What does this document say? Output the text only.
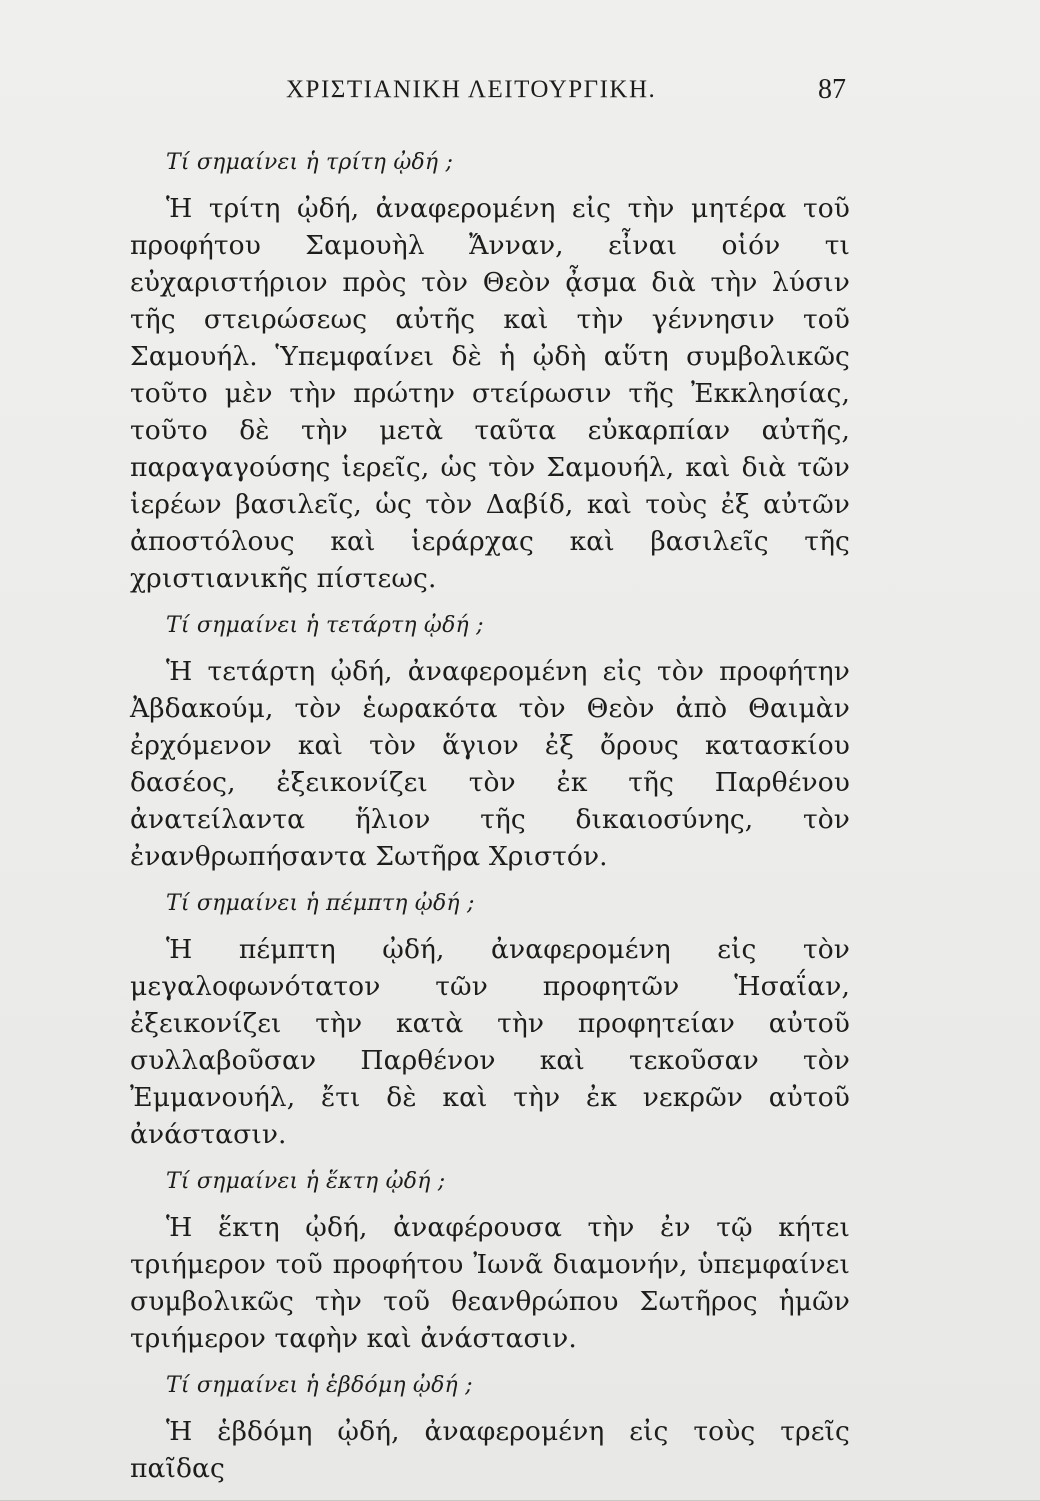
ΧΡΙΣΤΙΑΝΙΚΗ ΛΕΙΤΟΥΡΓΙΚΗ.	87

Τί σημαίνει ἡ τρίτη ᾠδή ;

Ἡ τρίτη ᾠδή, ἀναφερομένη εἰς τὴν μητέρα τοῦ προφήτου Σαμουὴλ Ἄνναν, εἶναι οἱόν τι εὐχαριστήριον πρὸς τὸν Θεὸν ᾆσμα διὰ τὴν λύσιν τῆς στειρώσεως αὐτῆς καὶ τὴν γέννησιν τοῦ Σαμουήλ. Ὑπεμφαίνει δὲ ἡ ᾠδὴ αὕτη συμβολικῶς τοῦτο μὲν τὴν πρώτην στείρωσιν τῆς Ἐκκλησίας, τοῦτο δὲ τὴν μετὰ ταῦτα εὐκαρπίαν αὐτῆς, παραγαγούσης ἱερεῖς, ὡς τὸν Σαμουήλ, καὶ διὰ τῶν ἱερέων βασιλεῖς, ὡς τὸν Δαβίδ, καὶ τοὺς ἐξ αὐτῶν ἀποστόλους καὶ ἱεράρχας καὶ βασιλεῖς τῆς χριστιανικῆς πίστεως.

Τί σημαίνει ἡ τετάρτη ᾠδή ;

Ἡ τετάρτη ᾠδή, ἀναφερομένη εἰς τὸν προφήτην Ἀβδακούμ, τὸν ἑωρακότα τὸν Θεὸν ἀπὸ Θαιμὰν ἐρχόμενον καὶ τὸν ἅγιον ἐξ ὄρους κατασκίου δασέος, ἐξεικονίζει τὸν ἐκ τῆς Παρθένου ἀνατείλαντα ἥλιον τῆς δικαιοσύνης, τὸν ἐνανθρωπήσαντα Σωτῆρα Χριστόν.

Τί σημαίνει ἡ πέμπτη ᾠδή ;

Ἡ πέμπτη ᾠδή, ἀναφερομένη εἰς τὸν μεγαλοφωνότατον τῶν προφητῶν Ἡσαΐαν, ἐξεικονίζει τὴν κατὰ τὴν προφητείαν αὐτοῦ συλλαβοῦσαν Παρθένον καὶ τεκοῦσαν τὸν Ἐμμανουήλ, ἔτι δὲ καὶ τὴν ἐκ νεκρῶν αὐτοῦ ἀνάστασιν.

Τί σημαίνει ἡ ἕκτη ᾠδή ;

Ἡ ἕκτη ᾠδή, ἀναφέρουσα τὴν ἐν τῷ κήτει τριήμερον τοῦ προφήτου Ἰωνᾶ διαμονήν, ὑπεμφαίνει συμβολικῶς τὴν τοῦ θεανθρώπου Σωτῆρος ἡμῶν τριήμερον ταφὴν καὶ ἀνάστασιν.

Τί σημαίνει ἡ ἑβδόμη ᾠδή ;

Ἡ ἑβδόμη ᾠδή, ἀναφερομένη εἰς τοὺς τρεῖς παῖδας
